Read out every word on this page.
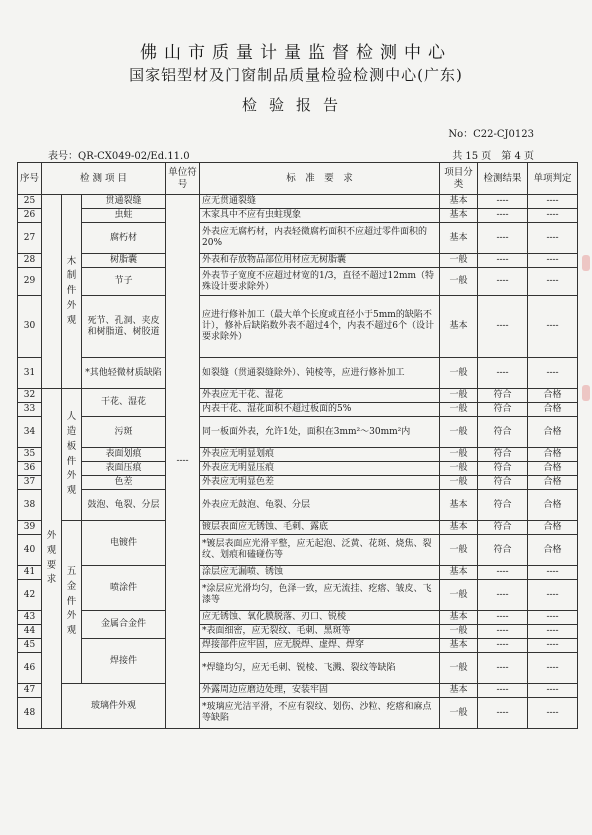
佛山市质量计量监督检测中心
国家铝型材及门窗制品质量检验检测中心(广东)
检验报告
No：C22-CJ0123
表号：QR-CX049-02/Ed.11.0	共 15 页　第 4 页
序号	检 测 项 目			单位符号	标　准　要　求	项目分类	检测结果	单项判定
25		木制件外观	贯通裂缝	----	应无贯通裂缝	基本	----	----
26			虫蛀		木家具中不应有虫蛀现象	基本	----	----
27			腐朽材		外表应无腐朽材，内表轻微腐朽面积不应超过零件面积的20%	基本	----	----
28			树脂囊		外表和存放物品部位用材应无树脂囊	一般	----	----
29			节子		外表节子宽度不应超过材宽的1/3，直径不超过12mm（特殊设计要求除外）	一般	----	----
30			死节、孔洞、夹皮和树脂道、树胶道		应进行修补加工（最大单个长度或直径小于5mm的缺陷不计），修补后缺陷数外表不超过4个，内表不超过6个（设计要求除外）	基本	----	----
31			*其他轻微材质缺陷		如裂缝（贯通裂缝除外）、钝棱等，应进行修补加工	一般	----	----
32	外观要求	人造板件外观	干花、湿花		外表应无干花、湿花	一般	符合	合格
33					内表干花、湿花面积不超过板面的5%	一般	符合	合格
34			污斑		同一板面外表，允许1处，面积在3mm²～30mm²内	一般	符合	合格
35			表面划痕		外表应无明显划痕	一般	符合	合格
36			表面压痕		外表应无明显压痕	一般	符合	合格
37			色差		外表应无明显色差	一般	符合	合格
38			鼓泡、龟裂、分层		外表应无鼓泡、龟裂、分层	基本	符合	合格
39		五金件外观	电镀件		镀层表面应无锈蚀、毛刺、露底	基本	符合	合格
40					*镀层表面应光滑平整，应无起泡、泛黄、花斑、烧焦、裂纹、划痕和磕碰伤等	一般	符合	合格
41			喷涂件		涂层应无漏喷、锈蚀	基本	----	----
42					*涂层应光滑均匀，色泽一致，应无流挂、疙瘩、皱皮、飞漆等	一般	----	----
43			金属合金件		应无锈蚀、氧化膜脱落、刃口、锐棱	基本	----	----
44					*表面细密，应无裂纹、毛刺、黑斑等	一般	----	----
45			焊接件		焊接部件应牢固，应无脱焊、虚焊、焊穿	基本	----	----
46					*焊缝均匀，应无毛刺、锐棱、飞溅、裂纹等缺陷	一般	----	----
47		玻璃件外观			外露周边应磨边处理，安装牢固	基本	----	----
48					*玻璃应光洁平滑，不应有裂纹、划伤、沙粒、疙瘩和麻点等缺陷	一般	----	----
